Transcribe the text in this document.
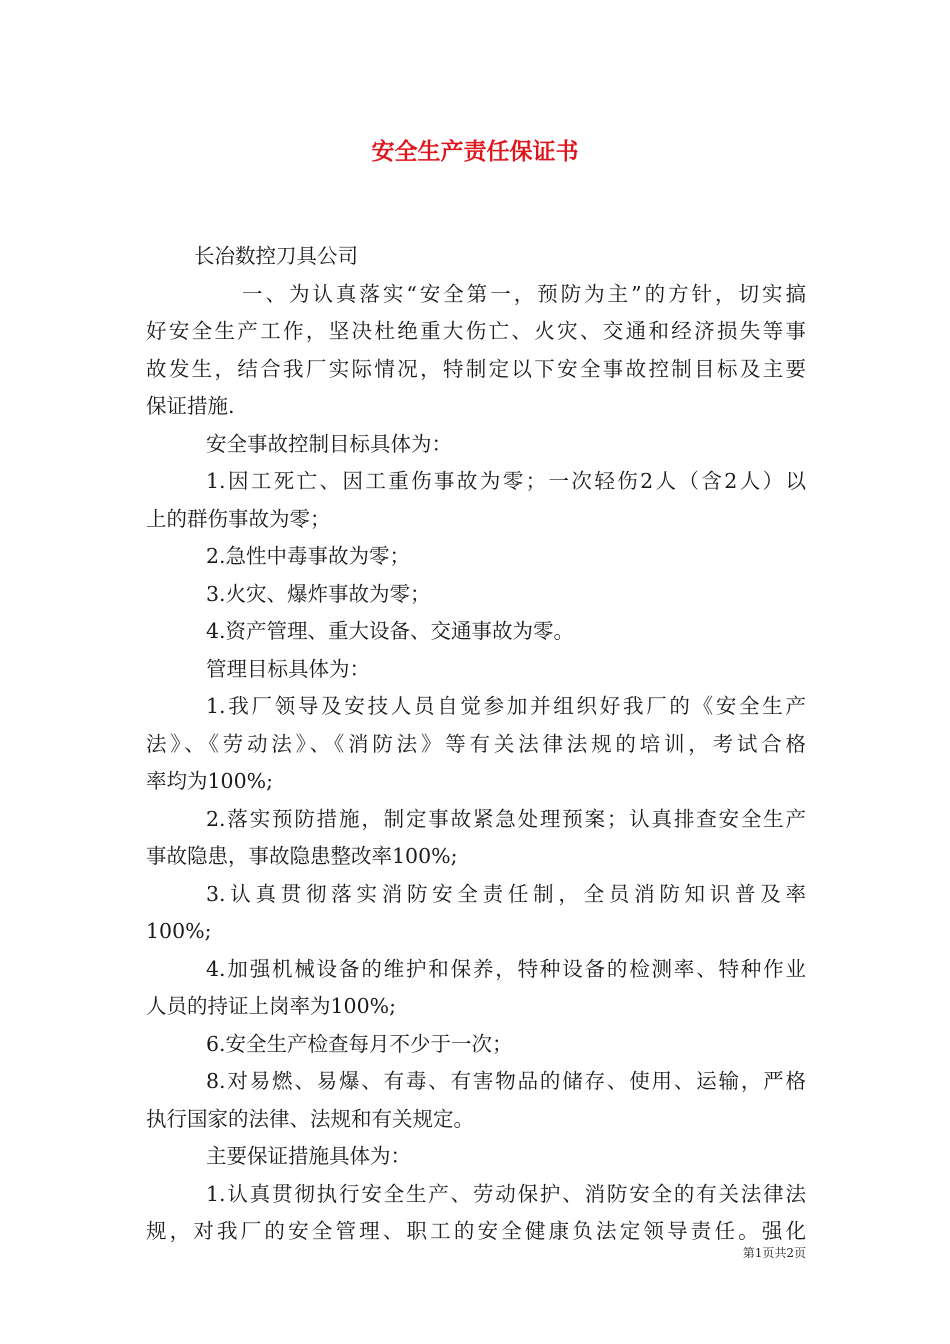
安全生产责任保证书
长冶数控刀具公司
一、为认真落实“安全第一，预防为主”的方针，切实搞
好安全生产工作，坚决杜绝重大伤亡、火灾、交通和经济损失等事
故发生，结合我厂实际情况，特制定以下安全事故控制目标及主要
保证措施.
安全事故控制目标具体为：
1.因工死亡、因工重伤事故为零；一次轻伤2人（含2人）以
上的群伤事故为零；
2.急性中毒事故为零；
3.火灾、爆炸事故为零；
4.资产管理、重大设备、交通事故为零。
管理目标具体为：
1.我厂领导及安技人员自觉参加并组织好我厂的《安全生产
法》、《劳动法》、《消防法》等有关法律法规的培训，考试合格
率均为100%;
2.落实预防措施，制定事故紧急处理预案；认真排查安全生产
事故隐患，事故隐患整改率100%;
3.认真贯彻落实消防安全责任制，全员消防知识普及率
100%;
4.加强机械设备的维护和保养，特种设备的检测率、特种作业
人员的持证上岗率为100%;
6.安全生产检查每月不少于一次；
8.对易燃、易爆、有毒、有害物品的储存、使用、运输，严格
执行国家的法律、法规和有关规定。
主要保证措施具体为：
1.认真贯彻执行安全生产、劳动保护、消防安全的有关法律法
规，对我厂的安全管理、职工的安全健康负法定领导责任。强化
第1页共2页
